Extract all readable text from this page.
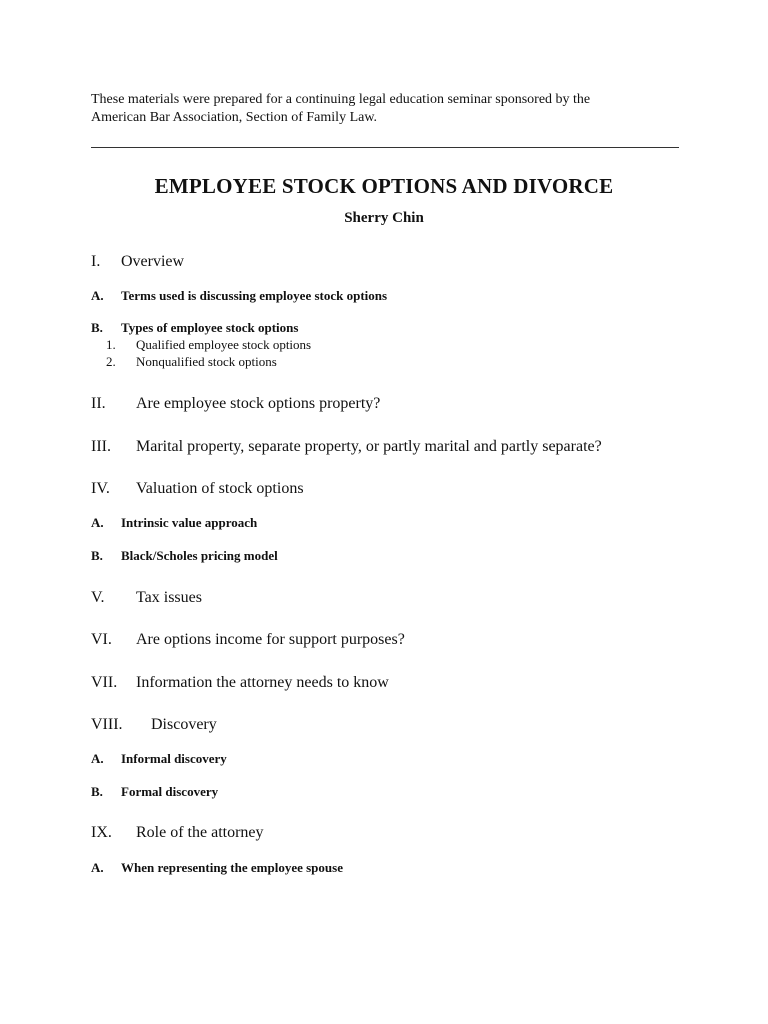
These materials were prepared for a continuing legal education seminar sponsored by the
American Bar Association, Section of Family Law.
EMPLOYEE STOCK OPTIONS AND DIVORCE
Sherry Chin
I. Overview
A. Terms used is discussing employee stock options
B. Types of employee stock options
1. Qualified employee stock options
2. Nonqualified stock options
II. Are employee stock options property?
III. Marital property, separate property, or partly marital and partly separate?
IV. Valuation of stock options
A. Intrinsic value approach
B. Black/Scholes pricing model
V. Tax issues
VI. Are options income for support purposes?
VII. Information the attorney needs to know
VIII. Discovery
A. Informal discovery
B. Formal discovery
IX. Role of the attorney
A. When representing the employee spouse
